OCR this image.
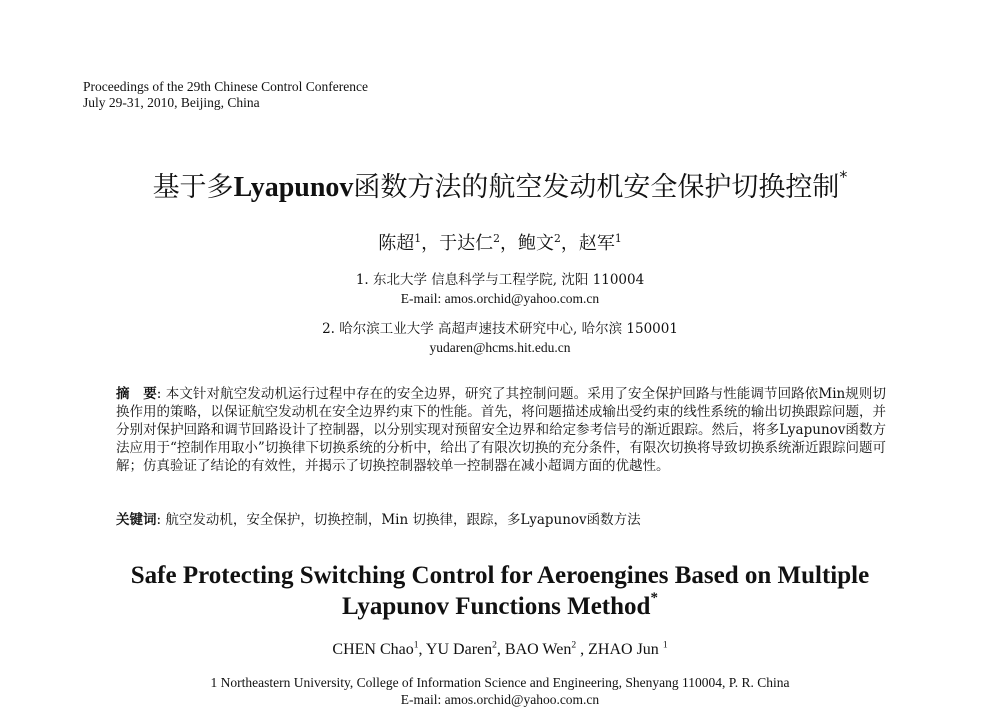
Proceedings of the 29th Chinese Control Conference
July 29-31, 2010, Beijing, China
基于多Lyapunov函数方法的航空发动机安全保护切换控制*
陈超$^1$，于达仁$^2$，鲍文$^2$，赵军$^1$
1. 东北大学 信息科学与工程学院, 沈阳 110004
E-mail: amos.orchid@yahoo.com.cn
2. 哈尔滨工业大学 高超声速技术研究中心, 哈尔滨 150001
yudaren@hcms.hit.edu.cn
摘　要: 本文针对航空发动机运行过程中存在的安全边界，研究了其控制问题。采用了安全保护回路与性能调节回路依Min规则切换作用的策略，以保证航空发动机在安全边界约束下的性能。首先，将问题描述成输出受约束的线性系统的输出切换跟踪问题，并分别对保护回路和调节回路设计了控制器，以分别实现对预留安全边界和给定参考信号的渐近跟踪。然后，将多Lyapunov函数方法应用于“控制作用取小”切换律下切换系统的分析中，给出了有限次切换的充分条件，有限次切换将导致切换系统渐近跟踪问题可解；仿真验证了结论的有效性，并揭示了切换控制器较单一控制器在减小超调方面的优越性。
关键词: 航空发动机，安全保护，切换控制，Min 切换律，跟踪，多Lyapunov函数方法
Safe Protecting Switching Control for Aeroengines Based on Multiple
Lyapunov Functions Method*
CHEN Chao$^1$, YU Daren$^2$, BAO Wen$^2$ , ZHAO Jun $^1$
1 Northeastern University, College of Information Science and Engineering, Shenyang 110004, P. R. China
E-mail: amos.orchid@yahoo.com.cn
